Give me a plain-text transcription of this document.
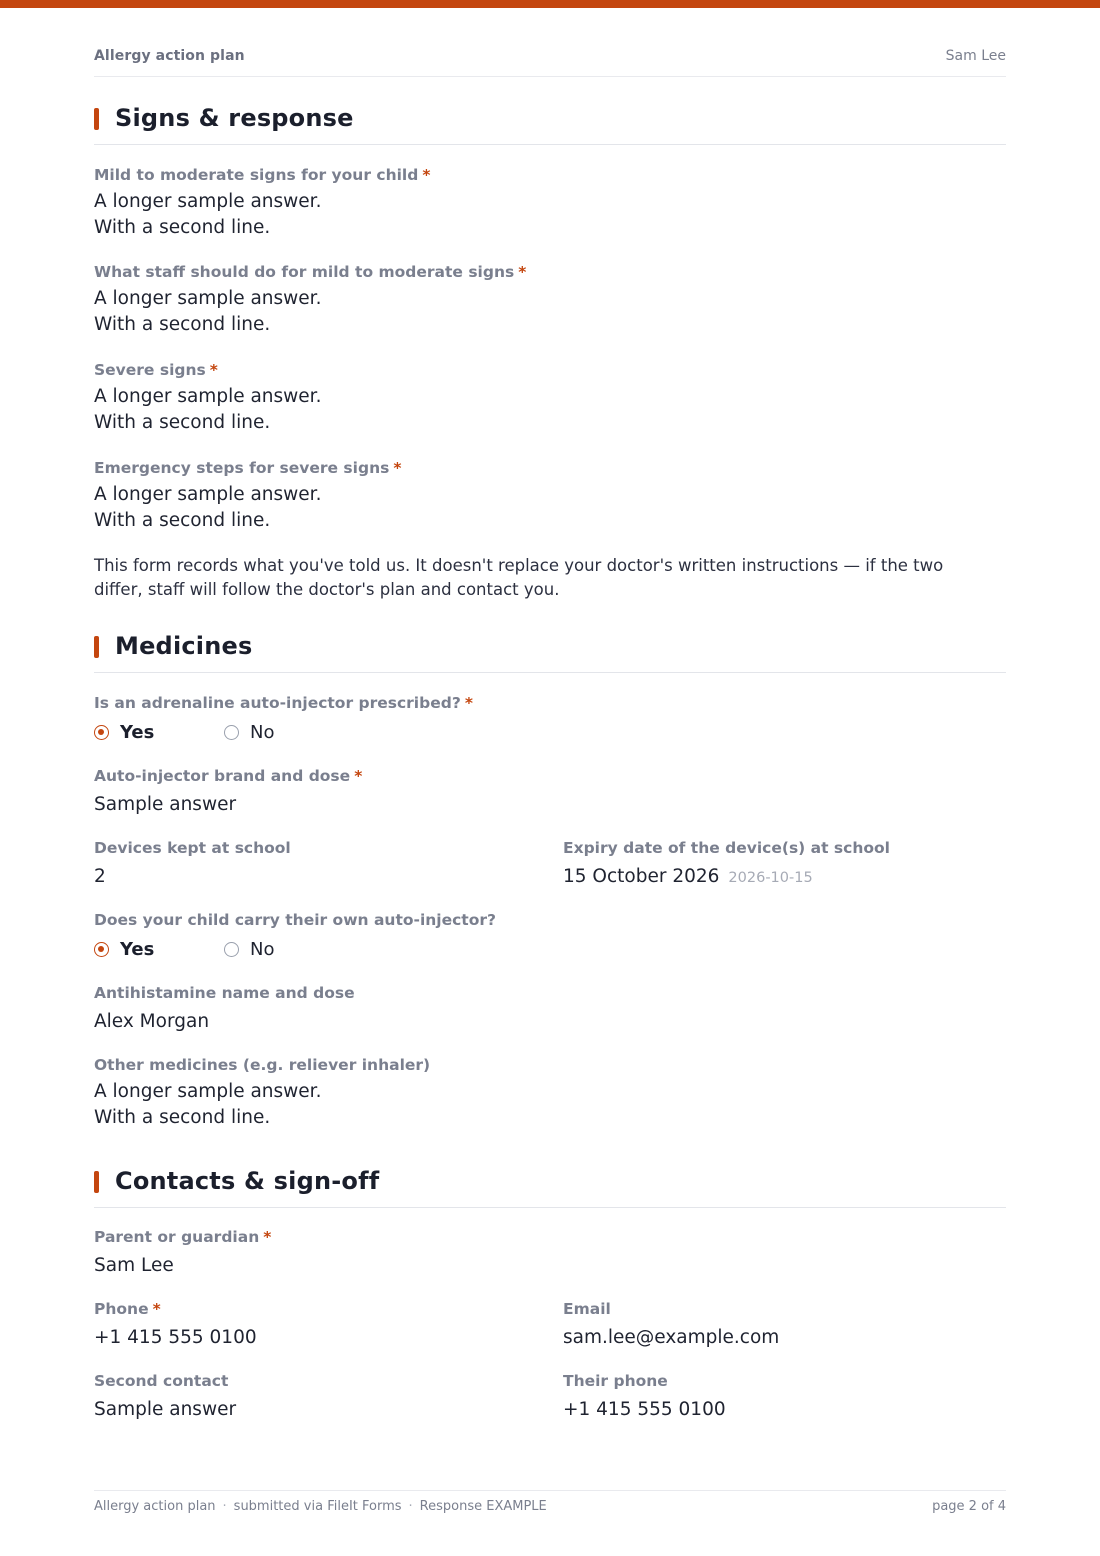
Allergy action plan	Sam Lee
Signs & response
Mild to moderate signs for your child *
A longer sample answer.
With a second line.
What staff should do for mild to moderate signs *
A longer sample answer.
With a second line.
Severe signs *
A longer sample answer.
With a second line.
Emergency steps for severe signs *
A longer sample answer.
With a second line.
This form records what you've told us. It doesn't replace your doctor's written instructions — if the two differ, staff will follow the doctor's plan and contact you.
Medicines
Is an adrenaline auto-injector prescribed? *
Yes	No
Auto-injector brand and dose *
Sample answer
Devices kept at school
2
Expiry date of the device(s) at school
15 October 2026 2026-10-15
Does your child carry their own auto-injector?
Yes	No
Antihistamine name and dose
Alex Morgan
Other medicines (e.g. reliever inhaler)
A longer sample answer.
With a second line.
Contacts & sign-off
Parent or guardian *
Sam Lee
Phone *
+1 415 555 0100
Email
sam.lee@example.com
Second contact
Sample answer
Their phone
+1 415 555 0100
Allergy action plan · submitted via FileIt Forms · Response EXAMPLE	page 2 of 4
